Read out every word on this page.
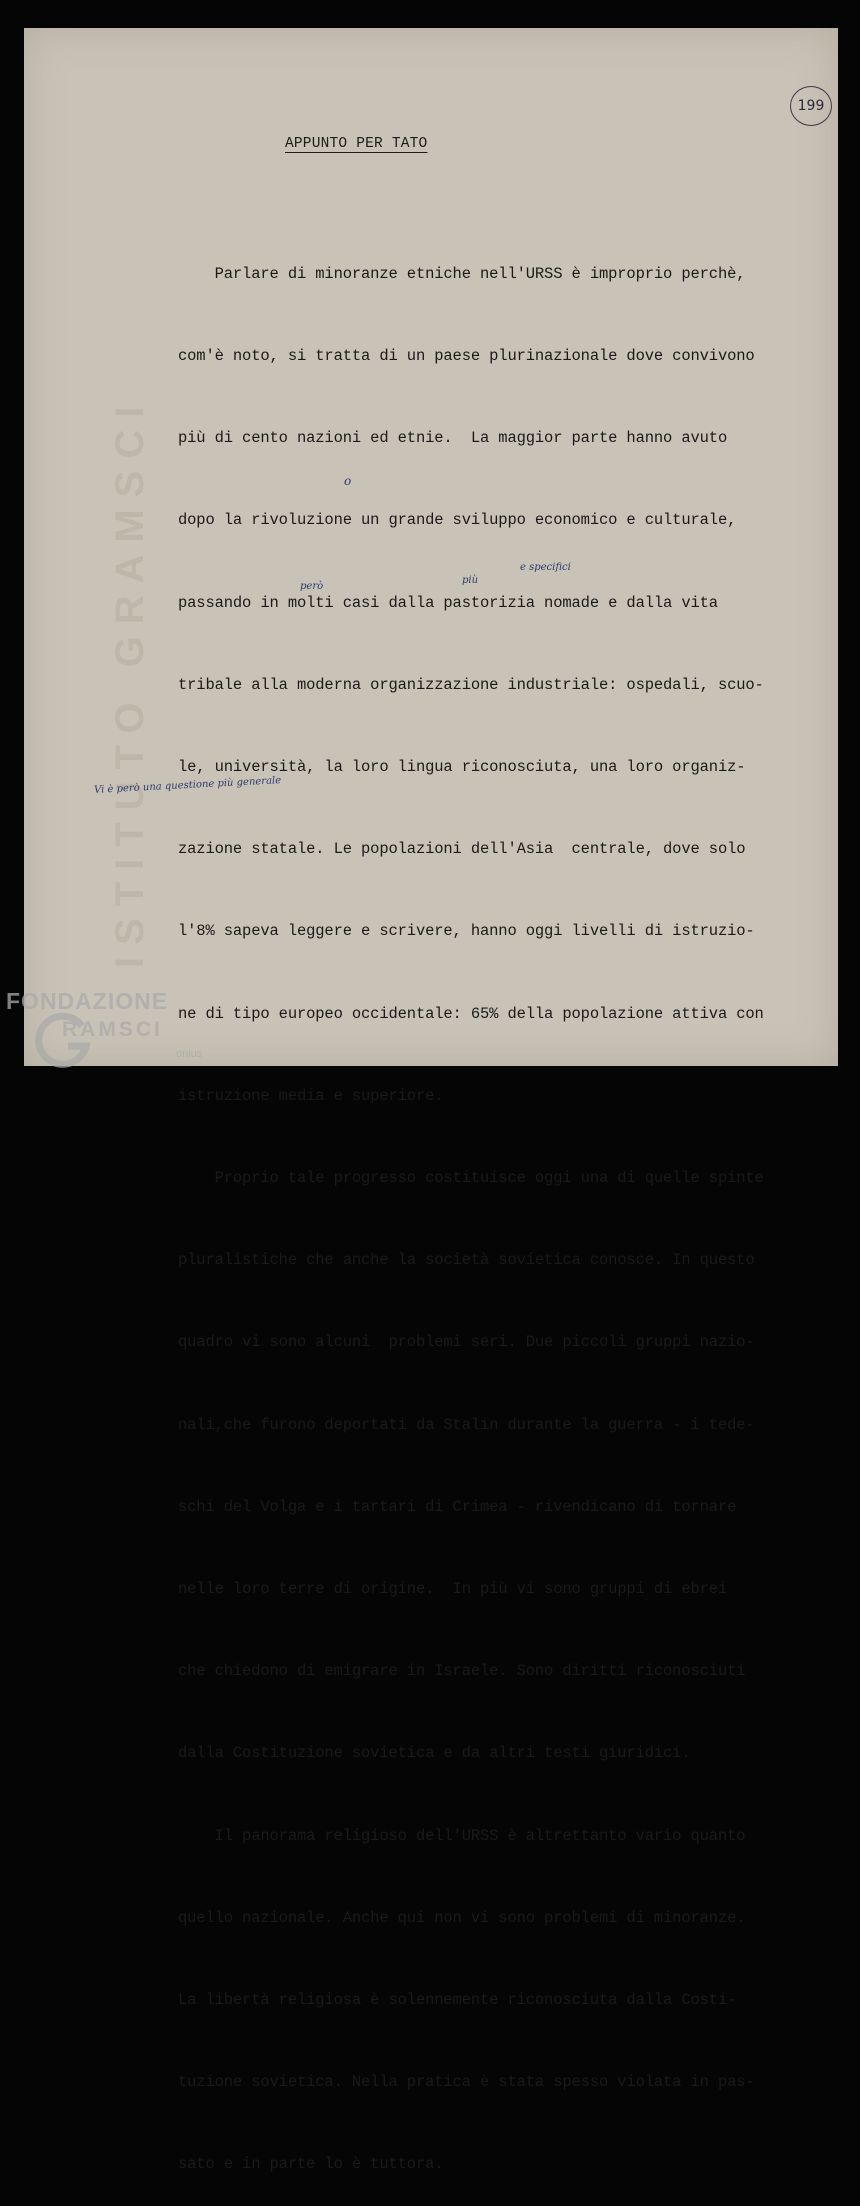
ISTITUTO GRAMSCI
199
APPUNTO PER TATO

Parlare di minoranze etniche nell'URSS è improprio perchè,

com'è noto, si tratta di un paese plurinazionale dove convivono

più di cento nazioni ed etnie.  La maggior parte hanno avuto

dopo la rivoluzione un grande sviluppo economico e culturale,

passando in molti casi dalla pastorizia nomade e dalla vita

tribale alla moderna organizzazione industriale: ospedali, scuo-

le, università, la loro lingua riconosciuta, una loro organiz-

zazione statale. Le popolazioni dell'Asia  centrale, dove solo

l'8% sapeva leggere e scrivere, hanno oggi livelli di istruzio-

ne di tipo europeo occidentale: 65% della popolazione attiva con

istruzione media e superiore.

Proprio tale progresso costituisce oggi una di quelle spinte

pluralistiche che anche la società sovietica conosce. In questo

quadro vi sono alcuni  problemi seri. Due piccoli gruppi nazio-

nali,che furono deportati da Stalin durante la guerra - i tede-

schi del Volga e i tartari di Crimea - rivendicano di tornare

nelle loro terre di origine.  In più vi sono gruppi di ebrei

che chiedono di emigrare in Israele. Sono diritti riconosciuti

dalla Costituzione sovietica e da altri testi giuridici.

Il panorama religioso dell'URSS è altrettanto vario quanto

quello nazionale. Anche qui non vi sono problemi di minoranze.

La libertà religiosa è solennemente riconosciuta dalla Costi-

tuzione sovietica. Nella pratica è stata spesso violata in pas-

sato e in parte lo è tuttora.

o
però
più
e specifici
Vi è però una questione più generale
FONDAZIONE
RAMSCI
onlus
